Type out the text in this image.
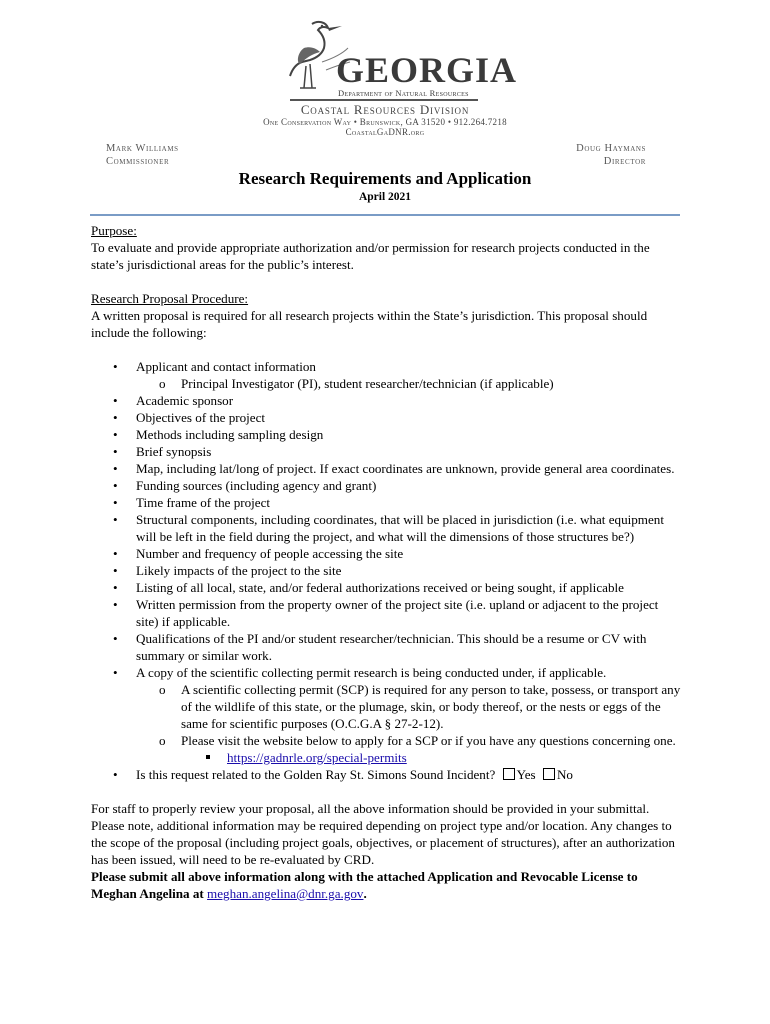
GEORGIA
Department of Natural Resources
Coastal Resources Division
One Conservation Way • Brunswick, GA 31520 • 912.264.7218
CoastalGaDNR.org
Mark Williams
Commissioner
Doug Haymans
Director
Research Requirements and Application
April 2021

Purpose:

To evaluate and provide appropriate authorization and/or permission for research projects conducted in the state’s jurisdictional areas for the public’s interest.

Research Proposal Procedure:

A written proposal is required for all research projects within the State’s jurisdiction. This proposal should include the following:

• Applicant and contact information
o Principal Investigator (PI), student researcher/technician (if applicable)
• Academic sponsor
• Objectives of the project
• Methods including sampling design
• Brief synopsis
• Map, including lat/long of project. If exact coordinates are unknown, provide general area coordinates.
• Funding sources (including agency and grant)
• Time frame of the project
• Structural components, including coordinates, that will be placed in jurisdiction (i.e. what equipment will be left in the field during the project, and what will the dimensions of those structures be?)
• Number and frequency of people accessing the site
• Likely impacts of the project to the site
• Listing of all local, state, and/or federal authorizations received or being sought, if applicable
• Written permission from the property owner of the project site (i.e. upland or adjacent to the project site) if applicable.
• Qualifications of the PI and/or student researcher/technician. This should be a resume or CV with summary or similar work.
• A copy of the scientific collecting permit research is being conducted under, if applicable.
o A scientific collecting permit (SCP) is required for any person to take, possess, or transport any of the wildlife of this state, or the plumage, skin, or body thereof, or the nests or eggs of the same for scientific purposes (O.C.G.A § 27-2-12).
o Please visit the website below to apply for a SCP or if you have any questions concerning one.
https://gadnrle.org/special-permits
• Is this request related to the Golden Ray St. Simons Sound Incident? Yes No

For staff to properly review your proposal, all the above information should be provided in your submittal. Please note, additional information may be required depending on project type and/or location. Any changes to the scope of the proposal (including project goals, objectives, or placement of structures), after an authorization has been issued, will need to be re-evaluated by CRD.

Please submit all above information along with the attached Application and Revocable License to Meghan Angelina at meghan.angelina@dnr.ga.gov.
